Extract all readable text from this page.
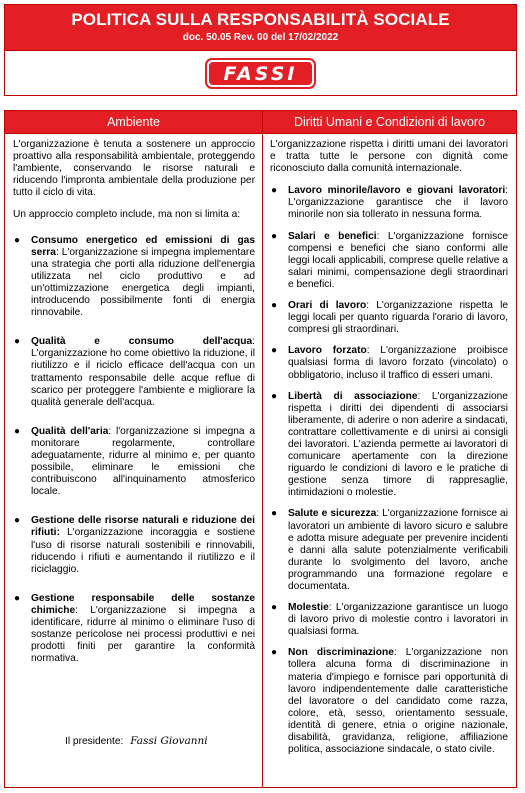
POLITICA SULLA RESPONSABILITÀ SOCIALE
doc. 50.05 Rev. 00 del 17/02/2022
FASSI
Ambiente

L'organizzazione è tenuta a sostenere un approccio proattivo alla responsabilità ambientale, proteggendo l'ambiente, conservando le risorse naturali e riducendo l'impronta ambientale della produzione per tutto il ciclo di vita.

Un approccio completo include, ma non si limita a:

● Consumo energetico ed emissioni di gas serra: L'organizzazione si impegna implementare una strategia che porti alla riduzione dell'energia utilizzata nel ciclo produttivo e ad un'ottimizzazione energetica degli impianti, introducendo possibilmente fonti di energia rinnovabile.
● Qualità e consumo dell'acqua: L'organizzazione ho come obiettivo la riduzione, il riutilizzo e il riciclo efficace dell'acqua con un trattamento responsabile delle acque reflue di scarico per proteggere l'ambiente e migliorare la qualità generale dell'acqua.
● Qualità dell'aria: l'organizzazione si impegna a monitorare regolarmente, controllare adeguatamente, ridurre al minimo e, per quanto possibile, eliminare le emissioni che contribuiscono all'inquinamento atmosferico locale.
● Gestione delle risorse naturali e riduzione dei rifiuti: L'organizzazione incoraggia e sostiene l'uso di risorse naturali sostenibili e rinnovabili, riducendo i rifiuti e aumentando il riutilizzo e il riciclaggio.
● Gestione responsabile delle sostanze chimiche: L'organizzazione si impegna a identificare, ridurre al minimo o eliminare l'uso di sostanze pericolose nei processi produttivi e nei prodotti finiti per garantire la conformità normativa.
Il presidente: Fassi Giovanni
Diritti Umani e Condizioni di lavoro

L'organizzazione rispetta i diritti umani dei lavoratori e tratta tutte le persone con dignità come riconosciuto dalla comunità internazionale.

● Lavoro minorile/lavoro e giovani lavoratori: L'organizzazione garantisce che il lavoro minorile non sia tollerato in nessuna forma.
● Salari e benefici: L'organizzazione fornisce compensi e benefici che siano conformi alle leggi locali applicabili, comprese quelle relative a salari minimi, compensazione degli straordinari e benefici.
● Orari di lavoro: L'organizzazione rispetta le leggi locali per quanto riguarda l'orario di lavoro, compresi gli straordinari.
● Lavoro forzato: L'organizzazione proibisce qualsiasi forma di lavoro forzato (vincolato) o obbligatorio, incluso il traffico di esseri umani.
● Libertà di associazione: L'organizzazione rispetta i diritti dei dipendenti di associarsi liberamente, di aderire o non aderire a sindacati, contrattare collettivamente e di unirsi ai consigli dei lavoratori. L'azienda permette ai lavoratori di comunicare apertamente con la direzione riguardo le condizioni di lavoro e le pratiche di gestione senza timore di rappresaglie, intimidazioni o molestie.
● Salute e sicurezza: L'organizzazione fornisce ai lavoratori un ambiente di lavoro sicuro e salubre e adotta misure adeguate per prevenire incidenti e danni alla salute potenzialmente verificabili durante lo svolgimento del lavoro, anche programmando una formazione regolare e documentata.
● Molestie: L'organizzazione garantisce un luogo di lavoro privo di molestie contro i lavoratori in qualsiasi forma.
● Non discriminazione: L'organizzazione non tollera alcuna forma di discriminazione in materia d'impiego e fornisce pari opportunità di lavoro indipendentemente dalle caratteristiche del lavoratore o del candidato come razza, colore, età, sesso, orientamento sessuale, identità di genere, etnia o origine nazionale, disabilità, gravidanza, religione, affiliazione politica, associazione sindacale, o stato civile.
